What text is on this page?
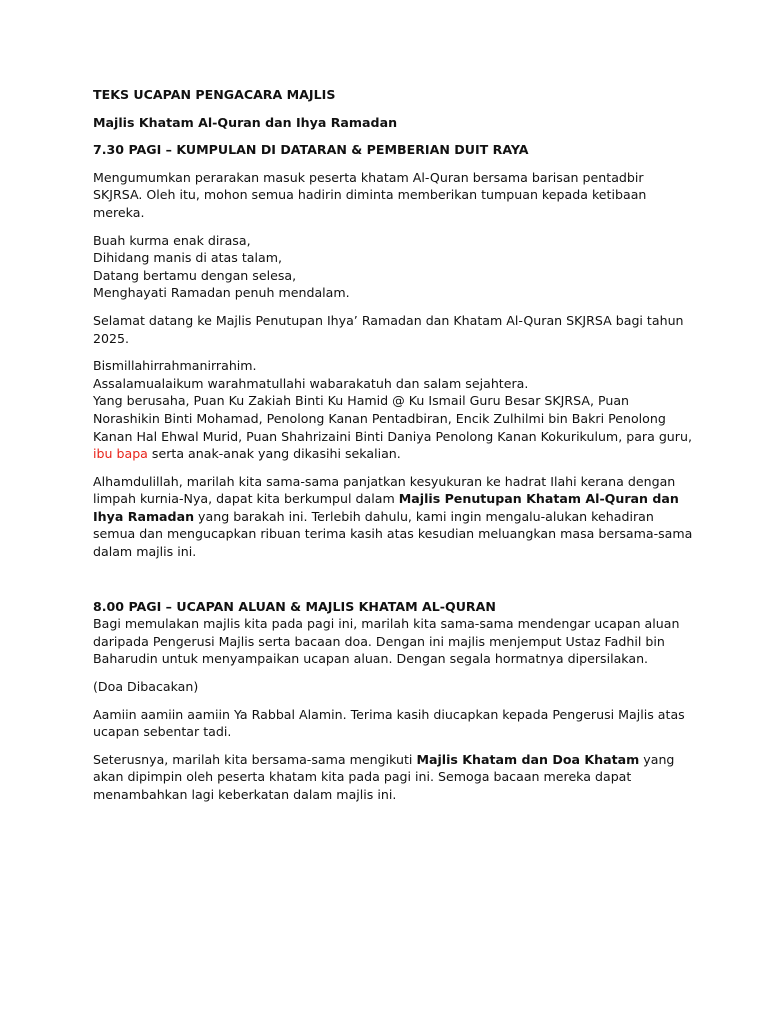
TEKS UCAPAN PENGACARA MAJLIS

Majlis Khatam Al-Quran dan Ihya Ramadan

7.30 PAGI – KUMPULAN DI DATARAN & PEMBERIAN DUIT RAYA

Mengumumkan perarakan masuk peserta khatam Al-Quran bersama barisan pentadbir SKJRSA. Oleh itu, mohon semua hadirin diminta memberikan tumpuan kepada ketibaan mereka.

Buah kurma enak dirasa,
Dihidang manis di atas talam,
Datang bertamu dengan selesa,
Menghayati Ramadan penuh mendalam.

Selamat datang ke Majlis Penutupan Ihya’ Ramadan dan Khatam Al-Quran SKJRSA bagi tahun 2025.

Bismillahirrahmanirrahim.
Assalamualaikum warahmatullahi wabarakatuh dan salam sejahtera.
Yang berusaha, Puan Ku Zakiah Binti Ku Hamid @ Ku Ismail Guru Besar SKJRSA, Puan Norashikin Binti Mohamad, Penolong Kanan Pentadbiran, Encik Zulhilmi bin Bakri Penolong Kanan Hal Ehwal Murid, Puan Shahrizaini Binti Daniya Penolong Kanan Kokurikulum, para guru, ibu bapa serta anak-anak yang dikasihi sekalian.

Alhamdulillah, marilah kita sama-sama panjatkan kesyukuran ke hadrat Ilahi kerana dengan limpah kurnia-Nya, dapat kita berkumpul dalam Majlis Penutupan Khatam Al-Quran dan Ihya Ramadan yang barakah ini. Terlebih dahulu, kami ingin mengalu-alukan kehadiran semua dan mengucapkan ribuan terima kasih atas kesudian meluangkan masa bersama-sama dalam majlis ini.

8.00 PAGI – UCAPAN ALUAN & MAJLIS KHATAM AL-QURAN

Bagi memulakan majlis kita pada pagi ini, marilah kita sama-sama mendengar ucapan aluan daripada Pengerusi Majlis serta bacaan doa. Dengan ini majlis menjemput Ustaz Fadhil bin Baharudin untuk menyampaikan ucapan aluan. Dengan segala hormatnya dipersilakan.

(Doa Dibacakan)

Aamiin aamiin aamiin Ya Rabbal Alamin. Terima kasih diucapkan kepada Pengerusi Majlis atas ucapan sebentar tadi.

Seterusnya, marilah kita bersama-sama mengikuti Majlis Khatam dan Doa Khatam yang akan dipimpin oleh peserta khatam kita pada pagi ini. Semoga bacaan mereka dapat menambahkan lagi keberkatan dalam majlis ini.
